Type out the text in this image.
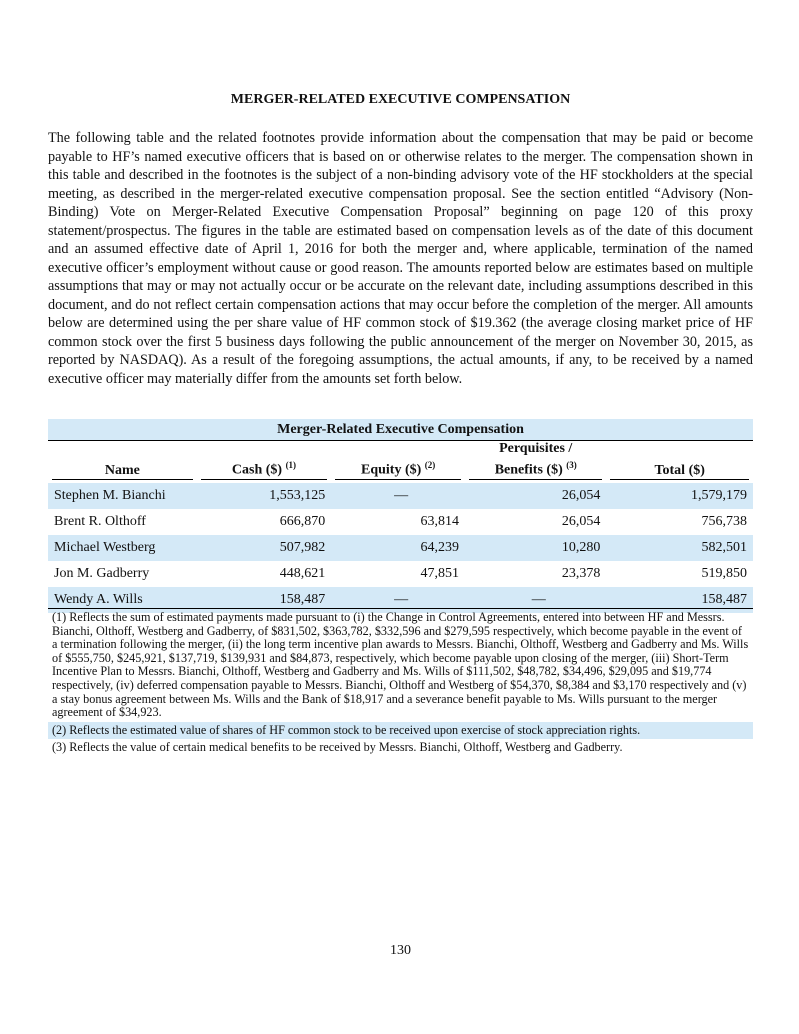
MERGER-RELATED EXECUTIVE COMPENSATION

The following table and the related footnotes provide information about the compensation that may be paid or become payable to HF’s named executive officers that is based on or otherwise relates to the merger. The compensation shown in this table and described in the footnotes is the subject of a non-binding advisory vote of the HF stockholders at the special meeting, as described in the merger-related executive compensation proposal. See the section entitled “Advisory (Non-Binding) Vote on Merger-Related Executive Compensation Proposal” beginning on page 120 of this proxy statement/prospectus. The figures in the table are estimated based on compensation levels as of the date of this document and an assumed effective date of April 1, 2016 for both the merger and, where applicable, termination of the named executive officer’s employment without cause or good reason. The amounts reported below are estimates based on multiple assumptions that may or may not actually occur or be accurate on the relevant date, including assumptions described in this document, and do not reflect certain compensation actions that may occur before the completion of the merger. All amounts below are determined using the per share value of HF common stock of $19.362 (the average closing market price of HF common stock over the first 5 business days following the public announcement of the merger on November 30, 2015, as reported by NASDAQ). As a result of the foregoing assumptions, the actual amounts, if any, to be received by a named executive officer may materially differ from the amounts set forth below.

Merger-Related Executive Compensation				

Name	Cash ($) $^{(1)}$	Equity ($) $^{(2)}$	Perquisites /
Benefits ($) $^{(3)}$	Total ($)

Stephen M. Bianchi	1,553,125	—	26,054	1,579,179
Brent R. Olthoff	666,870	63,814	26,054	756,738
Michael Westberg	507,982	64,239	10,280	582,501
Jon M. Gadberry	448,621	47,851	23,378	519,850
Wendy A. Wills	158,487	—	—	158,487
(1) Reflects the sum of estimated payments made pursuant to (i) the Change in Control Agreements, entered into between HF and Messrs. Bianchi, Olthoff, Westberg and Gadberry, of $831,502, $363,782, $332,596 and $279,595 respectively, which become payable in the event of a termination following the merger, (ii) the long term incentive plan awards to Messrs. Bianchi, Olthoff, Westberg and Gadberry and Ms. Wills of $555,750, $245,921, $137,719, $139,931 and $84,873, respectively, which become payable upon closing of the merger, (iii) Short-Term Incentive Plan to Messrs. Bianchi, Olthoff, Westberg and Gadberry and Ms. Wills of $111,502, $48,782, $34,496, $29,095 and $19,774 respectively, (iv) deferred compensation payable to Messrs. Bianchi, Olthoff and Westberg of $54,370, $8,384 and $3,170 respectively and (v) a stay bonus agreement between Ms. Wills and the Bank of $18,917 and a severance benefit payable to Ms. Wills pursuant to the merger agreement of $34,923.
(2) Reflects the estimated value of shares of HF common stock to be received upon exercise of stock appreciation rights.
(3) Reflects the value of certain medical benefits to be received by Messrs. Bianchi, Olthoff, Westberg and Gadberry.
130
